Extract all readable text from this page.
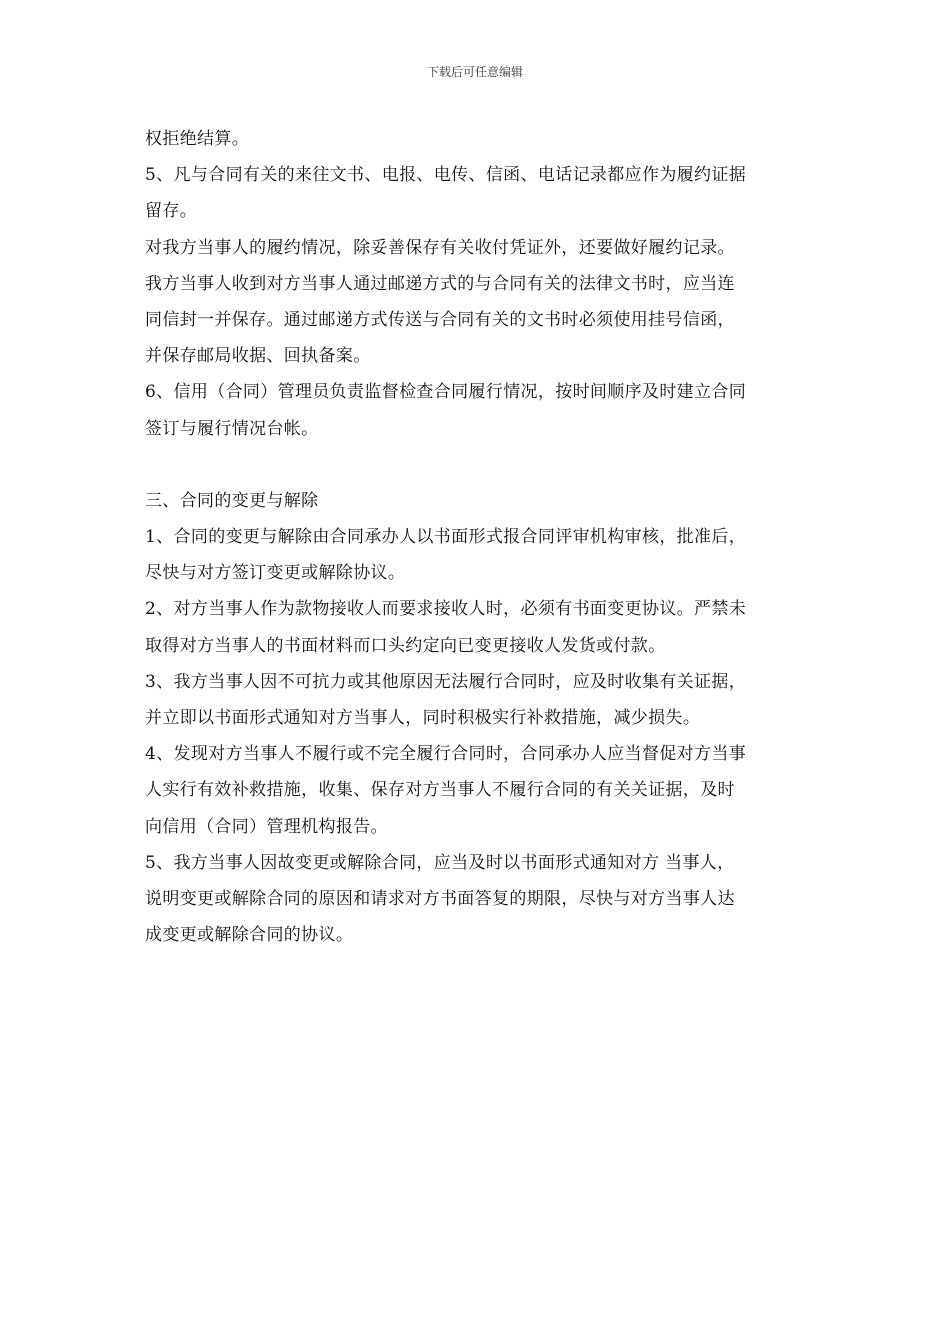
下载后可任意编辑
权拒绝结算。
5、凡与合同有关的来往文书、电报、电传、信函、电话记录都应作为履约证据
留存。
对我方当事人的履约情况，除妥善保存有关收付凭证外，还要做好履约记录。
我方当事人收到对方当事人通过邮递方式的与合同有关的法律文书时，应当连
同信封一并保存。通过邮递方式传送与合同有关的文书时必须使用挂号信函，
并保存邮局收据、回执备案。
6、信用（合同）管理员负责监督检查合同履行情况，按时间顺序及时建立合同
签订与履行情况台帐。
三、合同的变更与解除
1、合同的变更与解除由合同承办人以书面形式报合同评审机构审核，批准后，
尽快与对方签订变更或解除协议。
2、对方当事人作为款物接收人而要求接收人时，必须有书面变更协议。严禁未
取得对方当事人的书面材料而口头约定向已变更接收人发货或付款。
3、我方当事人因不可抗力或其他原因无法履行合同时，应及时收集有关证据，
并立即以书面形式通知对方当事人，同时积极实行补救措施，减少损失。
4、发现对方当事人不履行或不完全履行合同时，合同承办人应当督促对方当事
人实行有效补救措施，收集、保存对方当事人不履行合同的有关关证据，及时
向信用（合同）管理机构报告。
5、我方当事人因故变更或解除合同，应当及时以书面形式通知对方 当事人，
说明变更或解除合同的原因和请求对方书面答复的期限，尽快与对方当事人达
成变更或解除合同的协议。
